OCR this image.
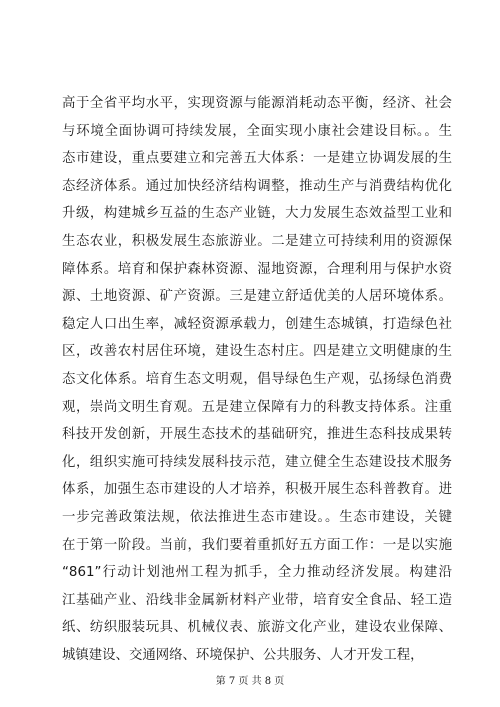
高于全省平均水平，实现资源与能源消耗动态平衡，经济、社会
与环境全面协调可持续发展，全面实现小康社会建设目标。。生
态市建设，重点要建立和完善五大体系：一是建立协调发展的生
态经济体系。通过加快经济结构调整，推动生产与消费结构优化
升级，构建城乡互益的生态产业链，大力发展生态效益型工业和
生态农业，积极发展生态旅游业。二是建立可持续利用的资源保
障体系。培育和保护森林资源、湿地资源，合理利用与保护水资
源、土地资源、矿产资源。三是建立舒适优美的人居环境体系。
稳定人口出生率，减轻资源承载力，创建生态城镇，打造绿色社
区，改善农村居住环境，建设生态村庄。四是建立文明健康的生
态文化体系。培育生态文明观，倡导绿色生产观，弘扬绿色消费
观，崇尚文明生育观。五是建立保障有力的科教支持体系。注重
科技开发创新，开展生态技术的基础研究，推进生态科技成果转
化，组织实施可持续发展科技示范，建立健全生态建设技术服务
体系，加强生态市建设的人才培养，积极开展生态科普教育。进
一步完善政策法规，依法推进生态市建设。。生态市建设，关键
在于第一阶段。当前，我们要着重抓好五方面工作：一是以实施
“861”行动计划池州工程为抓手，全力推动经济发展。构建沿
江基础产业、沿线非金属新材料产业带，培育安全食品、轻工造
纸、纺织服装玩具、机械仪表、旅游文化产业，建设农业保障、
城镇建设、交通网络、环境保护、公共服务、人才开发工程，
第 7 页 共 8 页
